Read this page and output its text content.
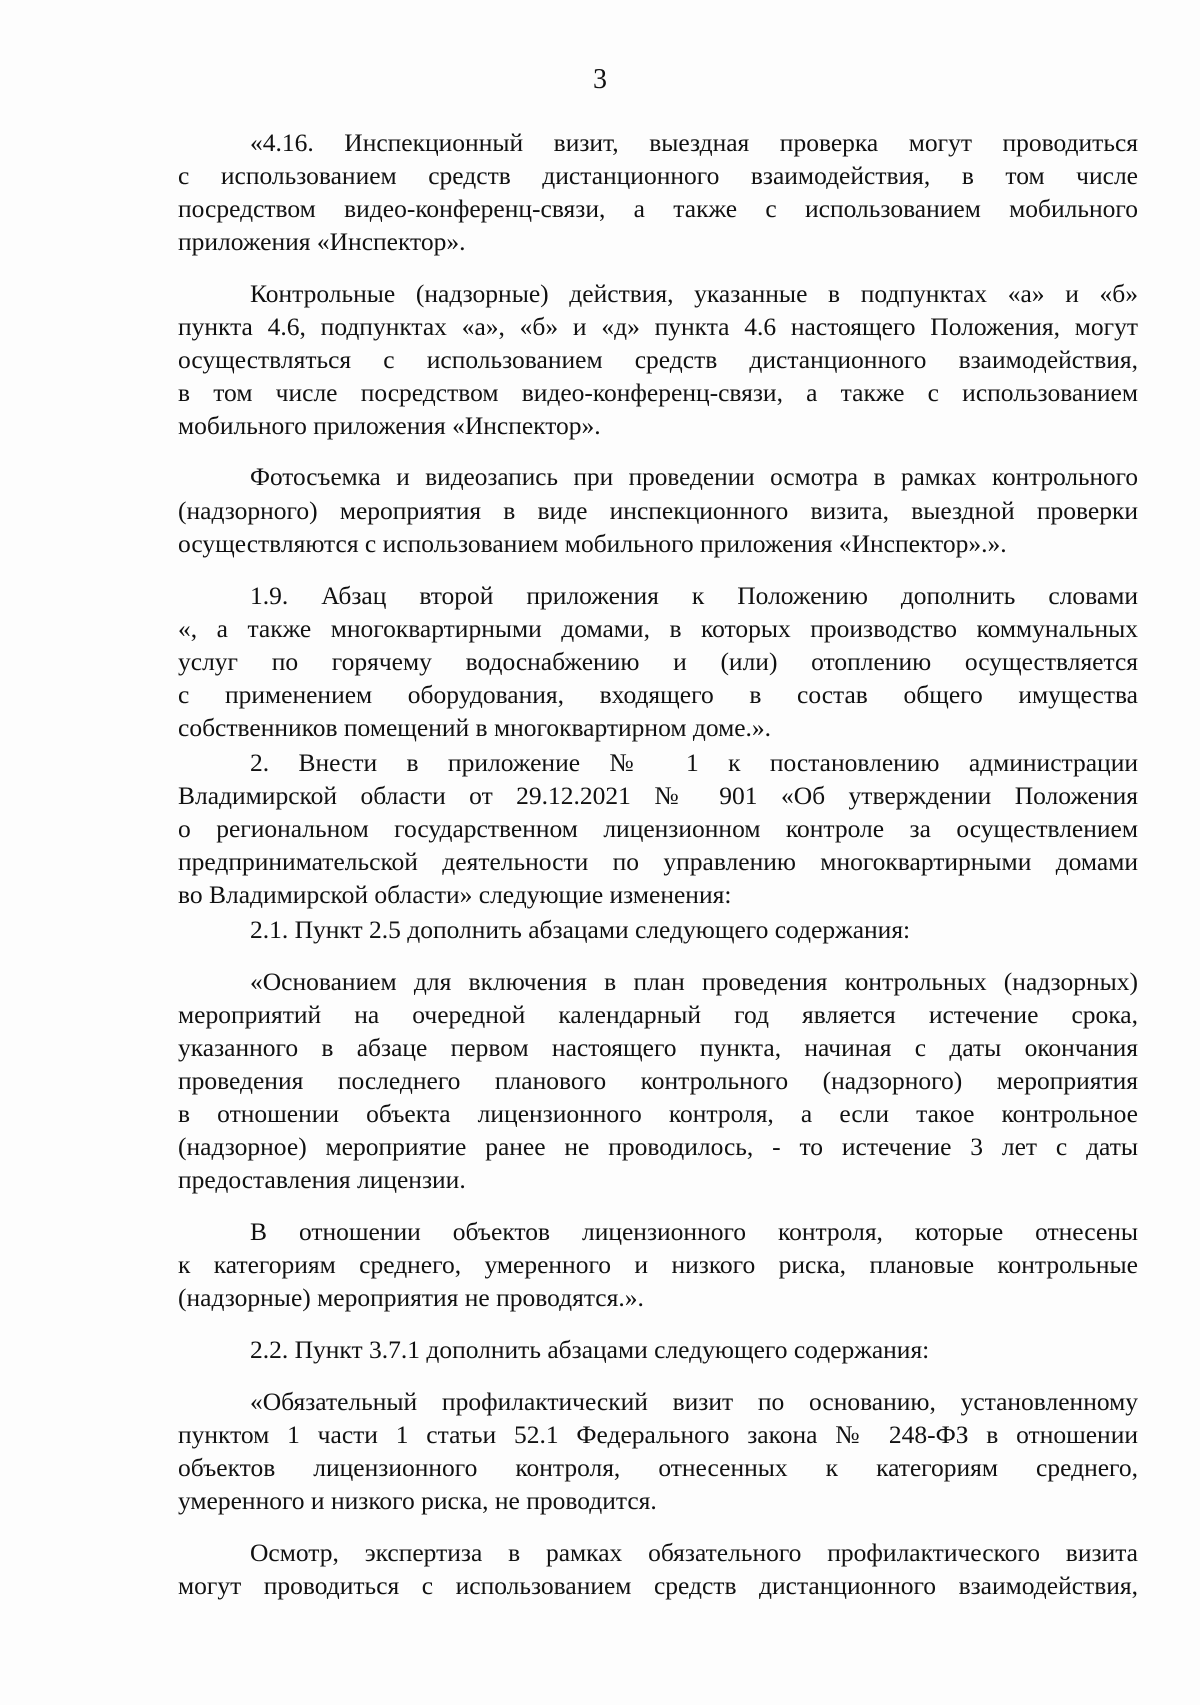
3

«4.16. Инспекционный визит, выездная проверка могут проводиться
с использованием средств дистанционного взаимодействия, в том числе
посредством видео-конференц-связи, а также с использованием мобильного
приложения «Инспектор».

Контрольные (надзорные) действия, указанные в подпунктах «а» и «б»
пункта 4.6, подпунктах «а», «б» и «д» пункта 4.6 настоящего Положения, могут
осуществляться с использованием средств дистанционного взаимодействия,
в том числе посредством видео-конференц-связи, а также с использованием
мобильного приложения «Инспектор».

Фотосъемка и видеозапись при проведении осмотра в рамках контрольного
(надзорного) мероприятия в виде инспекционного визита, выездной проверки
осуществляются с использованием мобильного приложения «Инспектор».».

1.9. Абзац второй приложения к Положению дополнить словами
«, а также многоквартирными домами, в которых производство коммунальных
услуг по горячему водоснабжению и (или) отоплению осуществляется
с применением оборудования, входящего в состав общего имущества
собственников помещений в многоквартирном доме.».

2. Внести в приложение № 1 к постановлению администрации
Владимирской области от 29.12.2021 № 901 «Об утверждении Положения
о региональном государственном лицензионном контроле за осуществлением
предпринимательской деятельности по управлению многоквартирными домами
во Владимирской области» следующие изменения:

2.1. Пункт 2.5 дополнить абзацами следующего содержания:

«Основанием для включения в план проведения контрольных (надзорных)
мероприятий на очередной календарный год является истечение срока,
указанного в абзаце первом настоящего пункта, начиная с даты окончания
проведения последнего планового контрольного (надзорного) мероприятия
в отношении объекта лицензионного контроля, а если такое контрольное
(надзорное) мероприятие ранее не проводилось, - то истечение 3 лет с даты
предоставления лицензии.

В отношении объектов лицензионного контроля, которые отнесены
к категориям среднего, умеренного и низкого риска, плановые контрольные
(надзорные) мероприятия не проводятся.».

2.2. Пункт 3.7.1 дополнить абзацами следующего содержания:

«Обязательный профилактический визит по основанию, установленному
пунктом 1 части 1 статьи 52.1 Федерального закона № 248-ФЗ в отношении
объектов лицензионного контроля, отнесенных к категориям среднего,
умеренного и низкого риска, не проводится.

Осмотр, экспертиза в рамках обязательного профилактического визита
могут проводиться с использованием средств дистанционного взаимодействия,
